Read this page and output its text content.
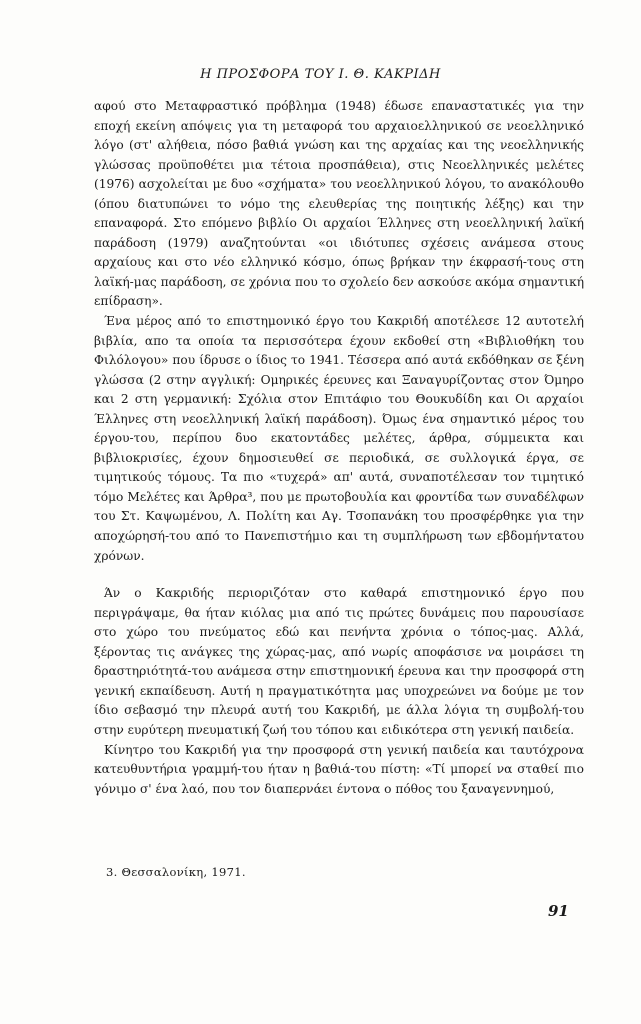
Η ΠΡΟΣΦΟΡΑ ΤΟΥ Ι. Θ. ΚΑΚΡΙΔΗ

αφού στο Μεταφραστικό πρόβλημα (1948) έδωσε επαναστατικές για την εποχή εκείνη απόψεις για τη μεταφορά του αρχαιοελληνικού σε νεοελληνικό λόγο (στ' αλήθεια, πόσο βαθιά γνώση και της αρχαίας και της νεοελληνικής γλώσσας προϋποθέτει μια τέτοια προσπάθεια), στις Νεοελληνικές μελέτες (1976) ασχολείται με δυο «σχήματα» του νεοελληνικού λόγου, το ανακόλουθο (όπου διατυπώνει το νόμο της ελευθερίας της ποιητικής λέξης) και την επαναφορά. Στο επόμενο βιβλίο Οι αρχαίοι Έλληνες στη νεοελληνική λαϊκή παράδοση (1979) αναζητούνται «οι ιδιότυπες σχέσεις ανάμεσα στους αρχαίους και στο νέο ελληνικό κόσμο, όπως βρήκαν την έκφρασή-τους στη λαϊκή-μας παράδοση, σε χρόνια που το σχολείο δεν ασκούσε ακόμα σημαντική επίδραση».

Ένα μέρος από το επιστημονικό έργο του Κακριδή αποτέλεσε 12 αυτοτελή βιβλία, απο τα οποία τα περισσότερα έχουν εκδοθεί στη «Βιβλιοθήκη του Φιλόλογου» που ίδρυσε ο ίδιος το 1941. Τέσσερα από αυτά εκδόθηκαν σε ξένη γλώσσα (2 στην αγγλική: Ομηρικές έρευνες και Ξαναγυρίζοντας στον Όμηρο και 2 στη γερμανική: Σχόλια στον Επιτάφιο του Θουκυδίδη και Οι αρχαίοι Έλληνες στη νεοελληνική λαϊκή παράδοση). Όμως ένα σημαντικό μέρος του έργου-του, περίπου δυο εκατοντάδες μελέτες, άρθρα, σύμμεικτα και βιβλιοκρισίες, έχουν δημοσιευθεί σε περιοδικά, σε συλλογικά έργα, σε τιμητικούς τόμους. Τα πιο «τυχερά» απ' αυτά, συναποτέλεσαν τον τιμητικό τόμο Μελέτες και Άρθρα³, που με πρωτοβουλία και φροντίδα των συναδέλφων του Στ. Καψωμένου, Λ. Πολίτη και Αγ. Τσοπανάκη του προσφέρθηκε για την αποχώρησή-του από το Πανεπιστήμιο και τη συμπλήρωση των εβδομήντατου χρόνων.

Άν ο Κακριδής περιοριζόταν στο καθαρά επιστημονικό έργο που περιγράψαμε, θα ήταν κιόλας μια από τις πρώτες δυνάμεις που παρουσίασε στο χώρο του πνεύματος εδώ και πενήντα χρόνια ο τόπος-μας. Αλλά, ξέροντας τις ανάγκες της χώρας-μας, από νωρίς αποφάσισε να μοιράσει τη δραστηριότητά-του ανάμεσα στην επιστημονική έρευνα και την προσφορά στη γενική εκπαίδευση. Αυτή η πραγματικότητα μας υποχρεώνει να δούμε με τον ίδιο σεβασμό την πλευρά αυτή του Κακριδή, με άλλα λόγια τη συμβολή-του στην ευρύτερη πνευματική ζωή του τόπου και ειδικότερα στη γενική παιδεία.

Κίνητρο του Κακριδή για την προσφορά στη γενική παιδεία και ταυτόχρονα κατευθυντήρια γραμμή-του ήταν η βαθιά-του πίστη: «Τί μπορεί να σταθεί πιο γόνιμο σ' ένα λαό, που τον διαπερνάει έντονα ο πόθος του ξαναγεννημού,

3. Θεσσαλονίκη, 1971.
91
